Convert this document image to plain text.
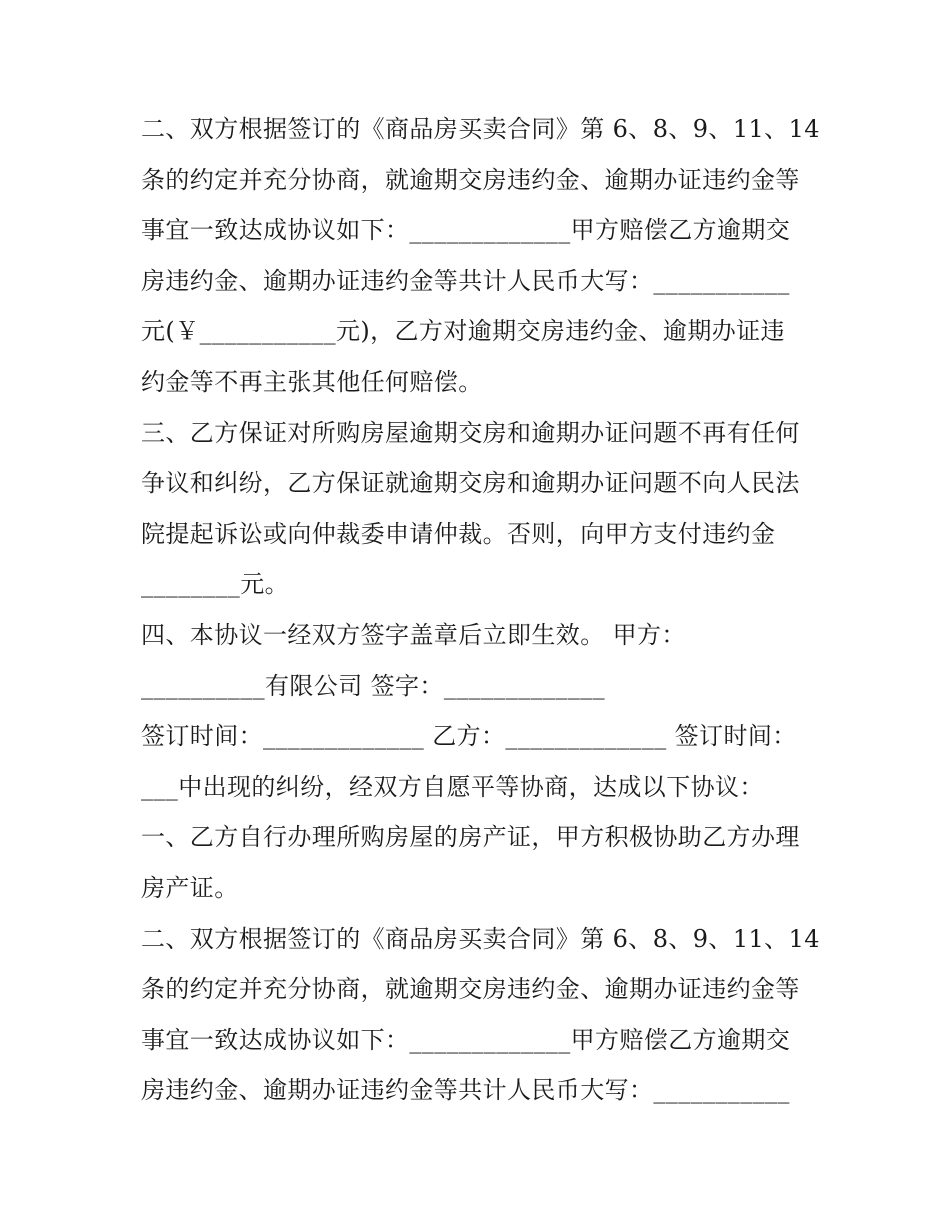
二、双方根据签订的《商品房买卖合同》第 6、8、9、11、14
条的约定并充分协商，就逾期交房违约金、逾期办证违约金等
事宜一致达成协议如下：_____________甲方赔偿乙方逾期交
房违约金、逾期办证违约金等共计人民币大写：___________
元(￥___________元)，乙方对逾期交房违约金、逾期办证违
约金等不再主张其他任何赔偿。
三、乙方保证对所购房屋逾期交房和逾期办证问题不再有任何
争议和纠纷，乙方保证就逾期交房和逾期办证问题不向人民法
院提起诉讼或向仲裁委申请仲裁。否则，向甲方支付违约金
________元。
四、本协议一经双方签字盖章后立即生效。 甲方：
__________有限公司 签字：_____________
签订时间：_____________ 乙方：_____________ 签订时间：
___中出现的纠纷，经双方自愿平等协商，达成以下协议：
一、乙方自行办理所购房屋的房产证，甲方积极协助乙方办理
房产证。
二、双方根据签订的《商品房买卖合同》第 6、8、9、11、14
条的约定并充分协商，就逾期交房违约金、逾期办证违约金等
事宜一致达成协议如下：_____________甲方赔偿乙方逾期交
房违约金、逾期办证违约金等共计人民币大写：___________
